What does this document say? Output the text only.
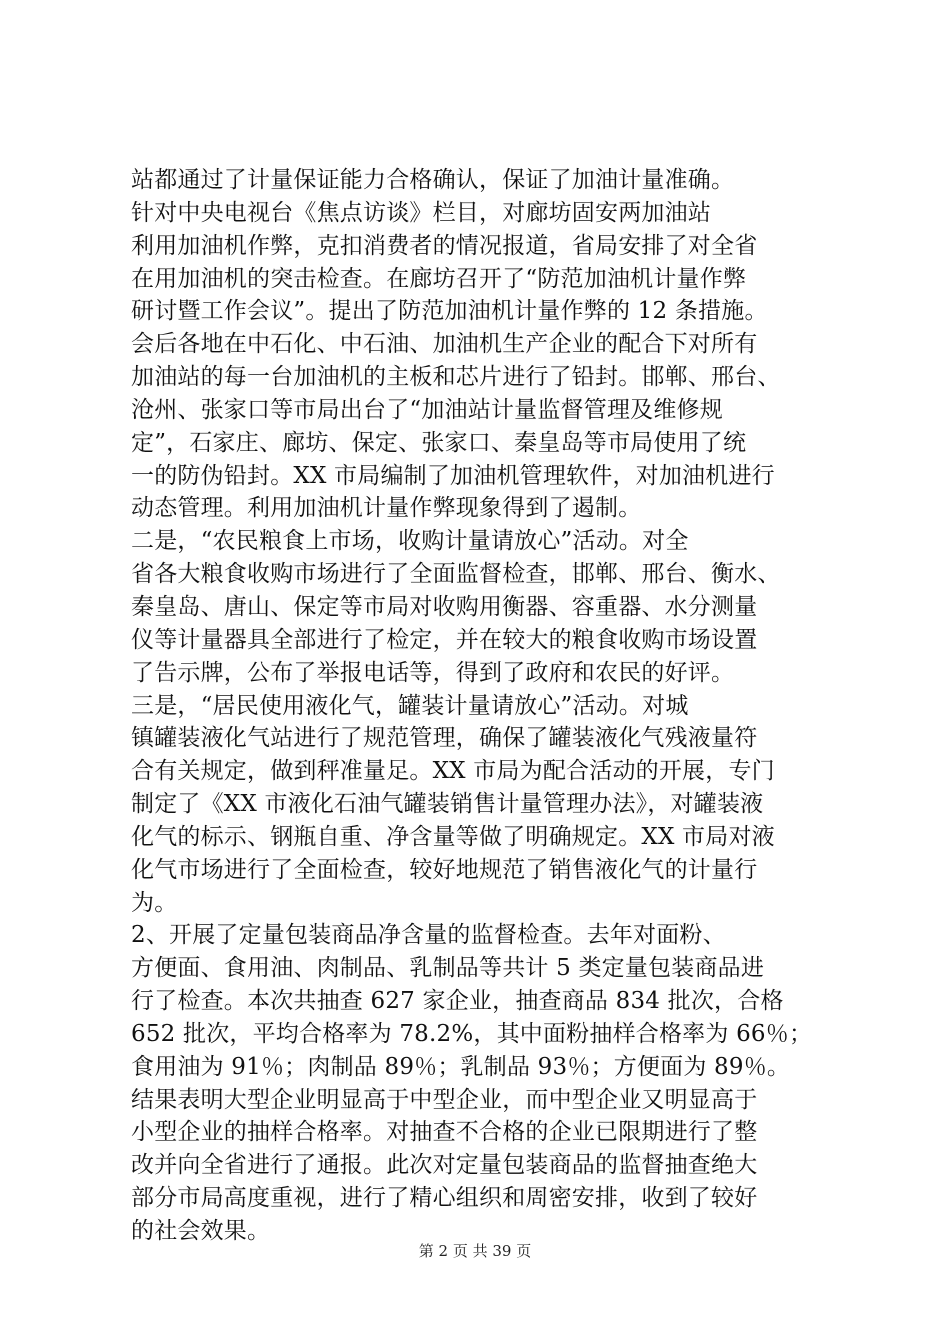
站都通过了计量保证能力合格确认，保证了加油计量准确。
针对中央电视台《焦点访谈》栏目，对廊坊固安两加油站
利用加油机作弊，克扣消费者的情况报道，省局安排了对全省
在用加油机的突击检查。在廊坊召开了“防范加油机计量作弊
研讨暨工作会议”。提出了防范加油机计量作弊的 12 条措施。
会后各地在中石化、中石油、加油机生产企业的配合下对所有
加油站的每一台加油机的主板和芯片进行了铅封。邯郸、邢台、
沧州、张家口等市局出台了“加油站计量监督管理及维修规
定”，石家庄、廊坊、保定、张家口、秦皇岛等市局使用了统
一的防伪铅封。XX 市局编制了加油机管理软件，对加油机进行
动态管理。利用加油机计量作弊现象得到了遏制。
二是，“农民粮食上市场，收购计量请放心”活动。对全
省各大粮食收购市场进行了全面监督检查，邯郸、邢台、衡水、
秦皇岛、唐山、保定等市局对收购用衡器、容重器、水分测量
仪等计量器具全部进行了检定，并在较大的粮食收购市场设置
了告示牌，公布了举报电话等，得到了政府和农民的好评。
三是，“居民使用液化气，罐装计量请放心”活动。对城
镇罐装液化气站进行了规范管理，确保了罐装液化气残液量符
合有关规定，做到秤准量足。XX 市局为配合活动的开展，专门
制定了《XX 市液化石油气罐装销售计量管理办法》，对罐装液
化气的标示、钢瓶自重、净含量等做了明确规定。XX 市局对液
化气市场进行了全面检查，较好地规范了销售液化气的计量行
为。
2、开展了定量包装商品净含量的监督检查。去年对面粉、
方便面、食用油、肉制品、乳制品等共计 5 类定量包装商品进
行了检查。本次共抽查 627 家企业，抽查商品 834 批次，合格
652 批次，平均合格率为 78.2%，其中面粉抽样合格率为 66％；
食用油为 91％；肉制品 89％；乳制品 93％；方便面为 89％。
结果表明大型企业明显高于中型企业，而中型企业又明显高于
小型企业的抽样合格率。对抽查不合格的企业已限期进行了整
改并向全省进行了通报。此次对定量包装商品的监督抽查绝大
部分市局高度重视，进行了精心组织和周密安排，收到了较好
的社会效果。
第 2 页 共 39 页
